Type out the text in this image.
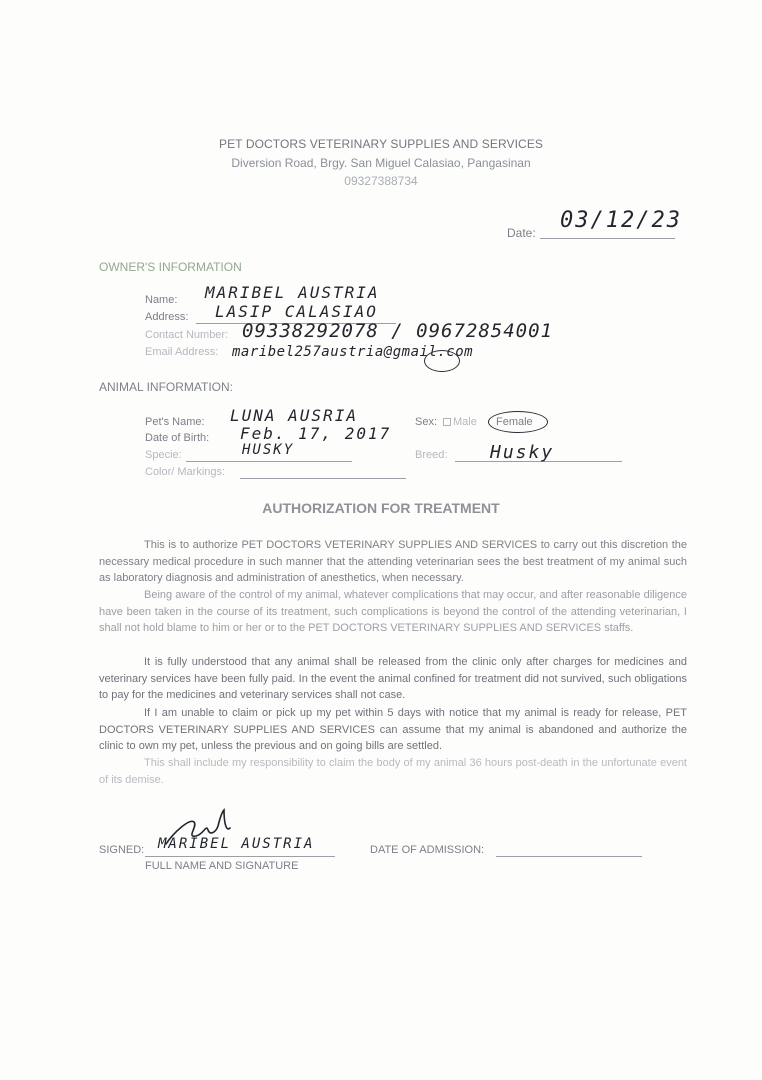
PET DOCTORS VETERINARY SUPPLIES AND SERVICES
Diversion Road, Brgy. San Miguel Calasiao, Pangasinan
09327388734
Date: 03/12/23
OWNER'S INFORMATION
Name: MARIBEL AUSTRIA
Address: LASIP CALASIAO
Contact Number: 09338292078 / 09672854001
Email Address: maribel257austria@gmail.com
ANIMAL INFORMATION:
Pet's Name: LUNA AUSRIA	Sex:	Male Female
Date of Birth: Feb. 17, 2017
Specie:	HUSKY	Breed: Husky
Color/ Markings:
AUTHORIZATION FOR TREATMENT
This is to authorize PET DOCTORS VETERINARY SUPPLIES AND SERVICES to carry out this discretion the necessary medical procedure in such manner that the attending veterinarian sees the best treatment of my animal such as laboratory diagnosis and administration of anesthetics, when necessary.
Being aware of the control of my animal, whatever complications that may occur, and after reasonable diligence have been taken in the course of its treatment, such complications is beyond the control of the attending veterinarian, I shall not hold blame to him or her or to the PET DOCTORS VETERINARY SUPPLIES AND SERVICES staffs.
It is fully understood that any animal shall be released from the clinic only after charges for medicines and veterinary services have been fully paid. In the event the animal confined for treatment did not survived, such obligations to pay for the medicines and veterinary services shall not case.
If I am unable to claim or pick up my pet within 5 days with notice that my animal is ready for release, PET DOCTORS VETERINARY SUPPLIES AND SERVICES can assume that my animal is abandoned and authorize the clinic to own my pet, unless the previous and on going bills are settled.
This shall include my responsibility to claim the body of my animal 36 hours post-death in the unfortunate event of its demise.
SIGNED: MARIBEL AUSTRIA
FULL NAME AND SIGNATURE
DATE OF ADMISSION:
